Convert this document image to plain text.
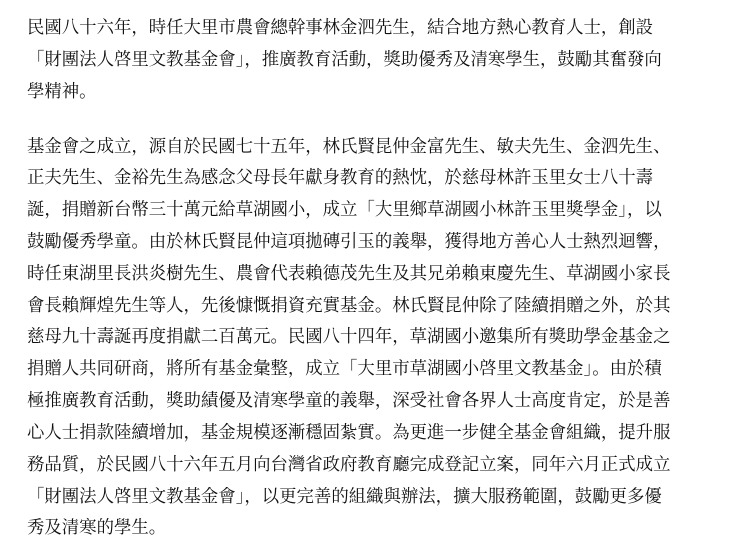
民國八十六年，時任大里市農會總幹事林金泗先生，結合地方熱心教育人士，創設

「財團法人啓里文教基金會」，推廣教育活動，獎助優秀及清寒學生，鼓勵其奮發向

學精神。

基金會之成立，源自於民國七十五年，林氏賢昆仲金富先生、敏夫先生、金泗先生、

正夫先生、金裕先生為感念父母長年獻身教育的熱忱，於慈母林許玉里女士八十壽

誕，捐贈新台幣三十萬元給草湖國小，成立「大里鄉草湖國小林許玉里獎學金」，以

鼓勵優秀學童。由於林氏賢昆仲這項拋磚引玉的義舉，獲得地方善心人士熱烈迴響，

時任東湖里長洪炎樹先生、農會代表賴德茂先生及其兄弟賴東慶先生、草湖國小家長

會長賴輝煌先生等人，先後慷慨捐資充實基金。林氏賢昆仲除了陸續捐贈之外，於其

慈母九十壽誕再度捐獻二百萬元。民國八十四年，草湖國小邀集所有獎助學金基金之

捐贈人共同研商，將所有基金彙整，成立「大里市草湖國小啓里文教基金」。由於積

極推廣教育活動，獎助績優及清寒學童的義舉，深受社會各界人士高度肯定，於是善

心人士捐款陸續增加，基金規模逐漸穩固紮實。為更進一步健全基金會組織，提升服

務品質，於民國八十六年五月向台灣省政府教育廳完成登記立案，同年六月正式成立

「財團法人啓里文教基金會」，以更完善的組織與辦法，擴大服務範圍，鼓勵更多優

秀及清寒的學生。
